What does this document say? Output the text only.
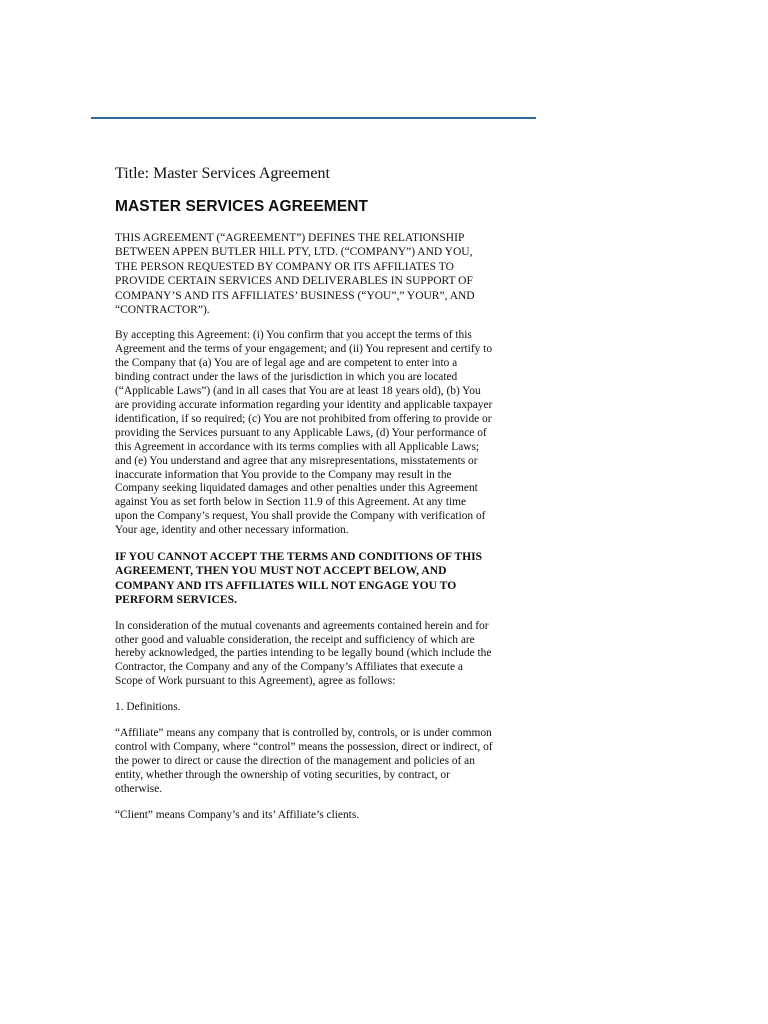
Title: Master Services Agreement

MASTER SERVICES AGREEMENT

THIS AGREEMENT (“AGREEMENT”) DEFINES THE RELATIONSHIP
BETWEEN APPEN BUTLER HILL PTY, LTD. (“COMPANY”) AND YOU,
THE PERSON REQUESTED BY COMPANY OR ITS AFFILIATES TO
PROVIDE CERTAIN SERVICES AND DELIVERABLES IN SUPPORT OF
COMPANY’S AND ITS AFFILIATES’ BUSINESS (“YOU”,” YOUR”, AND
“CONTRACTOR”).

By accepting this Agreement: (i) You confirm that you accept the terms of this
Agreement and the terms of your engagement; and (ii) You represent and certify to
the Company that (a) You are of legal age and are competent to enter into a
binding contract under the laws of the jurisdiction in which you are located
(“Applicable Laws”) (and in all cases that You are at least 18 years old), (b) You
are providing accurate information regarding your identity and applicable taxpayer
identification, if so required; (c) You are not prohibited from offering to provide or
providing the Services pursuant to any Applicable Laws, (d) Your performance of
this Agreement in accordance with its terms complies with all Applicable Laws;
and (e) You understand and agree that any misrepresentations, misstatements or
inaccurate information that You provide to the Company may result in the
Company seeking liquidated damages and other penalties under this Agreement
against You as set forth below in Section 11.9 of this Agreement. At any time
upon the Company’s request, You shall provide the Company with verification of
Your age, identity and other necessary information.

IF YOU CANNOT ACCEPT THE TERMS AND CONDITIONS OF THIS
AGREEMENT, THEN YOU MUST NOT ACCEPT BELOW, AND
COMPANY AND ITS AFFILIATES WILL NOT ENGAGE YOU TO
PERFORM SERVICES.

In consideration of the mutual covenants and agreements contained herein and for
other good and valuable consideration, the receipt and sufficiency of which are
hereby acknowledged, the parties intending to be legally bound (which include the
Contractor, the Company and any of the Company’s Affiliates that execute a
Scope of Work pursuant to this Agreement), agree as follows:

1. Definitions.

“Affiliate” means any company that is controlled by, controls, or is under common
control with Company, where “control” means the possession, direct or indirect, of
the power to direct or cause the direction of the management and policies of an
entity, whether through the ownership of voting securities, by contract, or
otherwise.

“Client” means Company’s and its’ Affiliate’s clients.
